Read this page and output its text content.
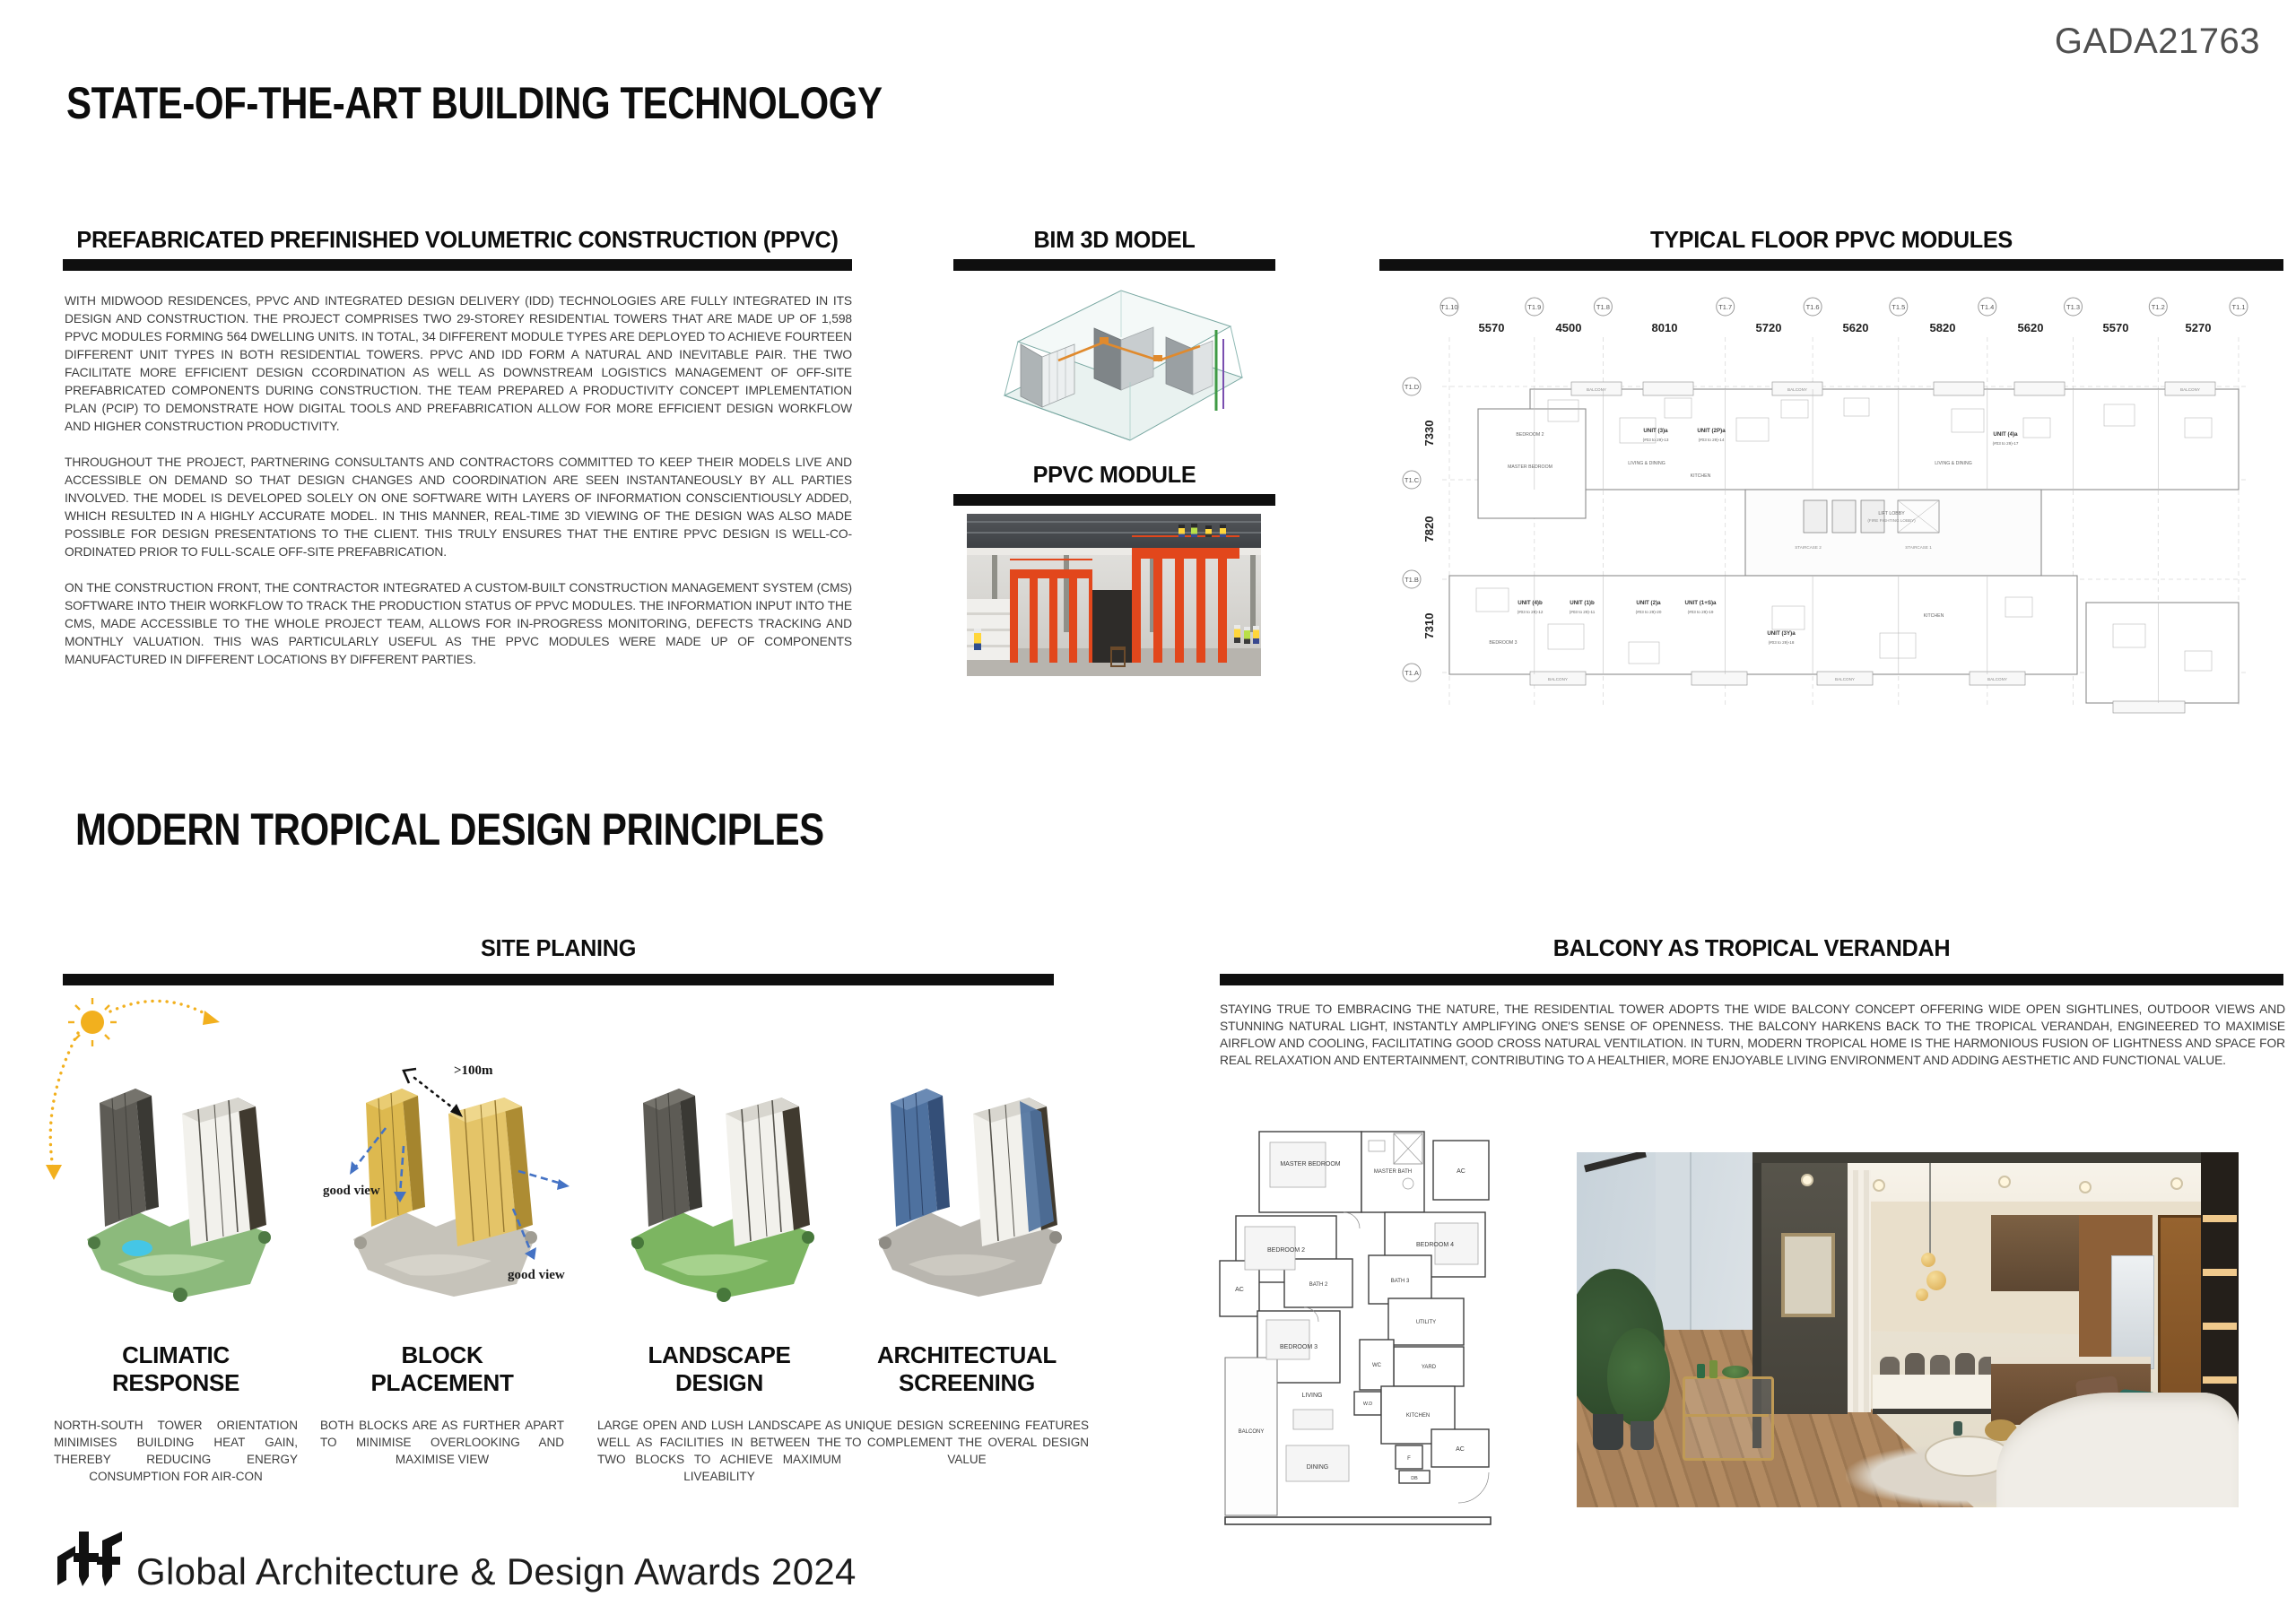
GADA21763
STATE-OF-THE-ART BUILDING TECHNOLOGY
PREFABRICATED PREFINISHED VOLUMETRIC CONSTRUCTION (PPVC)

WITH MIDWOOD RESIDENCES, PPVC AND INTEGRATED DESIGN DELIVERY (IDD) TECHNOLOGIES ARE FULLY INTEGRATED IN ITS DESIGN AND CONSTRUCTION. THE PROJECT COMPRISES TWO 29-STOREY RESIDENTIAL TOWERS THAT ARE MADE UP OF 1,598 PPVC MODULES FORMING 564 DWELLING UNITS. IN TOTAL, 34 DIFFERENT MODULE TYPES ARE DEPLOYED TO ACHIEVE FOURTEEN DIFFERENT UNIT TYPES IN BOTH RESIDENTIAL TOWERS. PPVC AND IDD FORM A NATURAL AND INEVITABLE PAIR. THE TWO FACILITATE MORE EFFICIENT DESIGN CCORDINATION AS WELL AS DOWNSTREAM LOGISTICS MANAGEMENT OF OFF-SITE PREFABRICATED COMPONENTS DURING CONSTRUCTION. THE TEAM PREPARED A PRODUCTIVITY CONCEPT IMPLEMENTATION PLAN (PCIP) TO DEMONSTRATE HOW DIGITAL TOOLS AND PREFABRICATION ALLOW FOR MORE EFFICIENT DESIGN WORKFLOW AND HIGHER CONSTRUCTION PRODUCTIVITY.

THROUGHOUT THE PROJECT, PARTNERING CONSULTANTS AND CONTRACTORS COMMITTED TO KEEP THEIR MODELS LIVE AND ACCESSIBLE ON DEMAND SO THAT DESIGN CHANGES AND COORDINATION ARE SEEN INSTANTANEOUSLY BY ALL PARTIES INVOLVED. THE MODEL IS DEVELOPED SOLELY ON ONE SOFTWARE WITH LAYERS OF INFORMATION CONSCIENTIOUSLY ADDED, WHICH RESULTED IN A HIGHLY ACCURATE MODEL. IN THIS MANNER, REAL-TIME 3D VIEWING OF THE DESIGN WAS ALSO MADE POSSIBLE FOR DESIGN PRESENTATIONS TO THE CLIENT. THIS TRULY ENSURES THAT THE ENTIRE PPVC DESIGN IS WELL-CO-ORDINATED PRIOR TO FULL-SCALE OFF-SITE PREFABRICATION.

ON THE CONSTRUCTION FRONT, THE CONTRACTOR INTEGRATED A CUSTOM-BUILT CONSTRUCTION MANAGEMENT SYSTEM (CMS) SOFTWARE INTO THEIR WORKFLOW TO TRACK THE PRODUCTION STATUS OF PPVC MODULES. THE INFORMATION INPUT INTO THE CMS, MADE ACCESSIBLE TO THE WHOLE PROJECT TEAM, ALLOWS FOR IN-PROGRESS MONITORING, DEFECTS TRACKING AND MONTHLY VALUATION. THIS WAS PARTICULARLY USEFUL AS THE PPVC MODULES WERE MADE UP OF COMPONENTS MANUFACTURED IN DIFFERENT LOCATIONS BY DIFFERENT PARTIES.

BIM 3D MODEL
PPVC MODULE
TYPICAL FLOOR PPVC MODULES
T1.10	T1.9	T1.8	T1.7	T1.6	T1.5	T1.4	T1.3	T1.2	T1.1
5570	4500	8010	5720	5620	5820	5620	5570	5270
T1.D
T1.C
T1.B
T1.A
7330
7820
7310
BALCONY	BALCONY	BALCONY
BALCONY	BALCONY	BALCONY
BEDROOM 2
MASTER BEDROOM
LIVING & DINING	LIVING & DINING
KITCHEN
KITCHEN
BEDROOM 3
LIFT LOBBY
(FIRE FIGHTING LOBBY)
STAIRCASE 1
STAIRCASE 2
UNIT (3)a
(#03 to 29)-13
UNIT (2P)a
(#03 to 29)-14
UNIT (4)a
(#03 to 29)-17
UNIT (4)b
(#03 to 29)-12
UNIT (1)b
(#03 to 29)-11
UNIT (2)a
(#03 to 29)-20
UNIT (1+S)a
(#03 to 29)-19
UNIT (3Y)a
(#03 to 29)-18
MODERN TROPICAL DESIGN PRINCIPLES
SITE PLANING	BALCONY AS TROPICAL VERANDAH
STAYING TRUE TO EMBRACING THE NATURE, THE RESIDENTIAL TOWER ADOPTS THE WIDE BALCONY CONCEPT OFFERING WIDE OPEN SIGHTLINES, OUTDOOR VIEWS AND STUNNING NATURAL LIGHT, INSTANTLY AMPLIFYING ONE'S SENSE OF OPENNESS. THE BALCONY HARKENS BACK TO THE TROPICAL VERANDAH, ENGINEERED TO MAXIMISE AIRFLOW AND COOLING, FACILITATING GOOD CROSS NATURAL VENTILATION. IN TURN, MODERN TROPICAL HOME IS THE HARMONIOUS FUSION OF LIGHTNESS AND SPACE FOR REAL RELAXATION AND ENTERTAINMENT, CONTRIBUTING TO A HEALTHIER, MORE ENJOYABLE LIVING ENVIRONMENT AND ADDING AESTHETIC AND FUNCTIONAL VALUE.
>100m
good view
good view
CLIMATIC RESPONSE
BLOCK PLACEMENT
LANDSCAPE DESIGN
ARCHITECTUAL SCREENING
NORTH-SOUTH TOWER ORIENTATION MINIMISES BUILDING HEAT GAIN, THEREBY REDUCING ENERGY CONSUMPTION FOR AIR-CON
BOTH BLOCKS ARE AS FURTHER APART TO MINIMISE OVERLOOKING AND MAXIMISE VIEW
LARGE OPEN AND LUSH LANDSCAPE AS WELL AS FACILITIES IN BETWEEN THE TWO BLOCKS TO ACHIEVE MAXIMUM LIVEABILITY
UNIQUE DESIGN SCREENING FEATURES TO COMPLEMENT THE OVERAL DESIGN VALUE
MASTER BEDROOM
MASTER BATH	AC
BEDROOM 2
BEDROOM 4
BATH 2
BATH 3
AC
BEDROOM 3
UTILITY
YARD
WC
W.D
KITCHEN
LIVING
DINING
BALCONY
F
DB
AC
Global Architecture & Design Awards 2024
